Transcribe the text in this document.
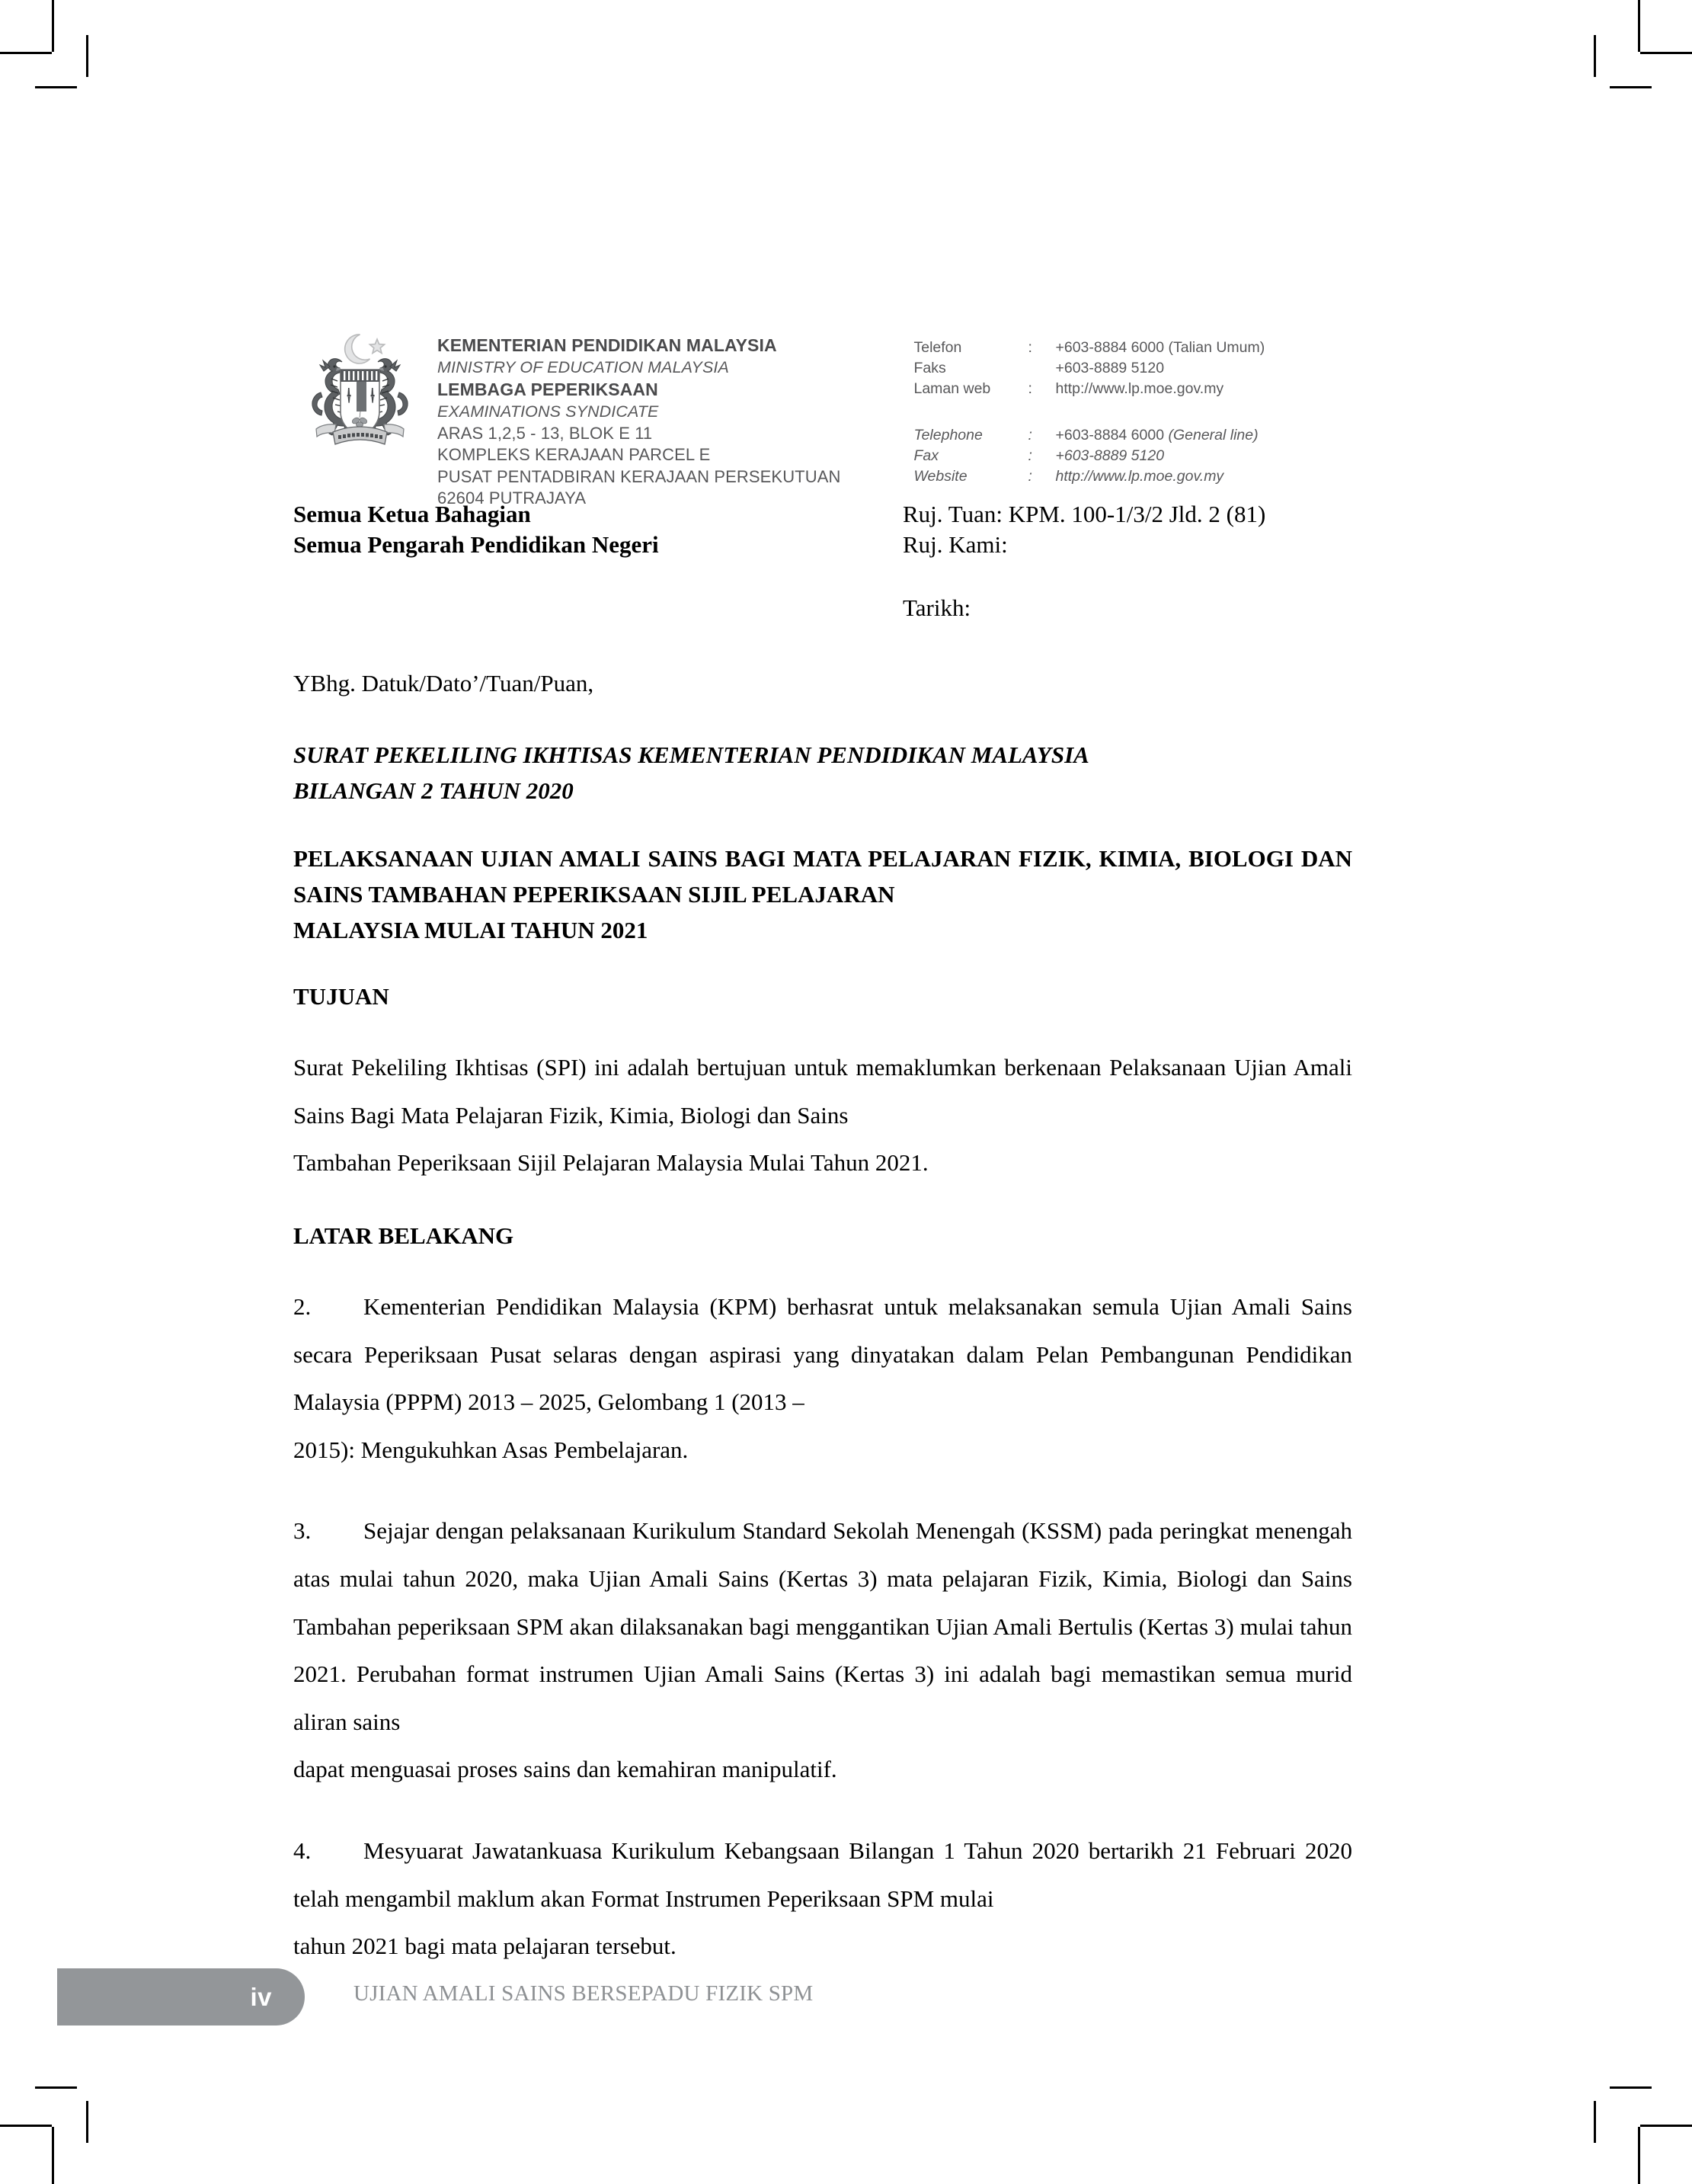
KEMENTERIAN PENDIDIKAN MALAYSIA
MINISTRY OF EDUCATION MALAYSIA
LEMBAGA PEPERIKSAAN
EXAMINATIONS SYNDICATE
ARAS 1,2,5 - 13, BLOK E 11
KOMPLEKS KERAJAAN PARCEL E
PUSAT PENTADBIRAN KERAJAAN PERSEKUTUAN
62604 PUTRAJAYA
Telefon	:	+603-8884 6000 (Talian Umum)
Faks		+603-8889 5120
Laman web	:	http://www.lp.moe.gov.my
Telephone	:	+603-8884 6000 (General line)
Fax	:	+603-8889 5120
Website	:	http://www.lp.moe.gov.my
Semua Ketua Bahagian
Semua Pengarah Pendidikan Negeri
Ruj. Tuan: KPM. 100-1/3/2 Jld. 2 (81)
Ruj. Kami:
Tarikh:
YBhg. Datuk/Dato’/Tuan/Puan,
SURAT PEKELILING IKHTISAS KEMENTERIAN PENDIDIKAN MALAYSIA
BILANGAN 2 TAHUN 2020
PELAKSANAAN UJIAN AMALI SAINS BAGI MATA PELAJARAN FIZIK, KIMIA, BIOLOGI DAN SAINS TAMBAHAN PEPERIKSAAN SIJIL PELAJARAN
MALAYSIA MULAI TAHUN 2021
TUJUAN
Surat Pekeliling Ikhtisas (SPI) ini adalah bertujuan untuk memaklumkan berkenaan Pelaksanaan Ujian Amali Sains Bagi Mata Pelajaran Fizik, Kimia, Biologi dan Sains
Tambahan Peperiksaan Sijil Pelajaran Malaysia Mulai Tahun 2021.
LATAR BELAKANG
2. Kementerian Pendidikan Malaysia (KPM) berhasrat untuk melaksanakan semula Ujian Amali Sains secara Peperiksaan Pusat selaras dengan aspirasi yang dinyatakan dalam Pelan Pembangunan Pendidikan Malaysia (PPPM) 2013 – 2025, Gelombang 1 (2013 –
2015): Mengukuhkan Asas Pembelajaran.
3. Sejajar dengan pelaksanaan Kurikulum Standard Sekolah Menengah (KSSM) pada peringkat menengah atas mulai tahun 2020, maka Ujian Amali Sains (Kertas 3) mata pelajaran Fizik, Kimia, Biologi dan Sains Tambahan peperiksaan SPM akan dilaksanakan bagi menggantikan Ujian Amali Bertulis (Kertas 3) mulai tahun 2021. Perubahan format instrumen Ujian Amali Sains (Kertas 3) ini adalah bagi memastikan semua murid aliran sains
dapat menguasai proses sains dan kemahiran manipulatif.
4. Mesyuarat Jawatankuasa Kurikulum Kebangsaan Bilangan 1 Tahun 2020 bertarikh 21 Februari 2020 telah mengambil maklum akan Format Instrumen Peperiksaan SPM mulai
tahun 2021 bagi mata pelajaran tersebut.
iv	UJIAN AMALI SAINS BERSEPADU FIZIK SPM
